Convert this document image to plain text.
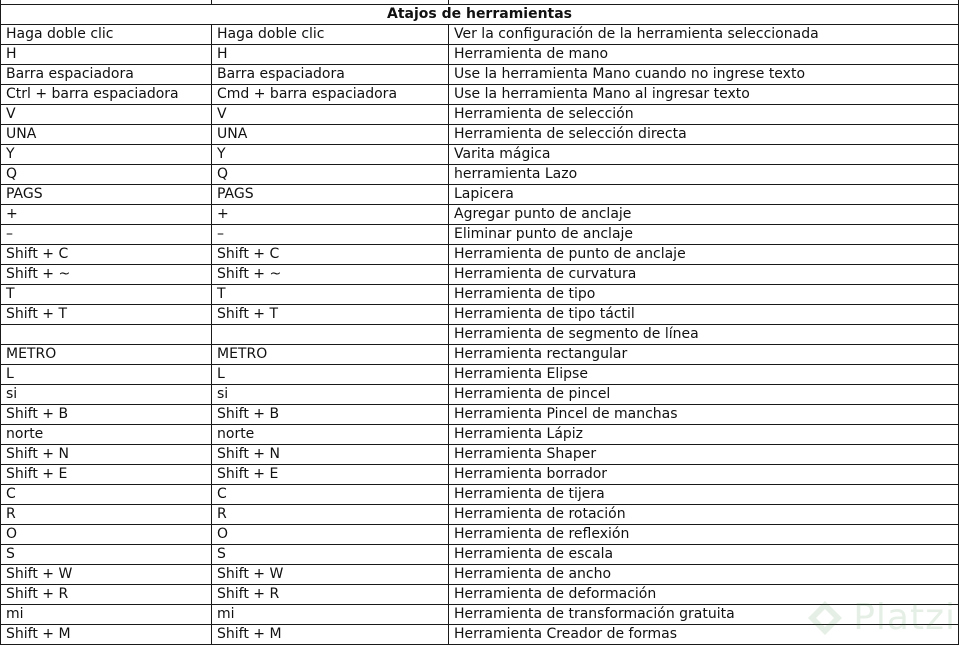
Atajos de herramientas		
Haga doble clic	Haga doble clic	Ver la configuración de la herramienta seleccionada
H	H	Herramienta de mano
Barra espaciadora	Barra espaciadora	Use la herramienta Mano cuando no ingrese texto
Ctrl + barra espaciadora	Cmd + barra espaciadora	Use la herramienta Mano al ingresar texto
V	V	Herramienta de selección
UNA	UNA	Herramienta de selección directa
Y	Y	Varita mágica
Q	Q	herramienta Lazo
PAGS	PAGS	Lapicera
+	+	Agregar punto de anclaje
–	–	Eliminar punto de anclaje
Shift + C	Shift + C	Herramienta de punto de anclaje
Shift + ~	Shift + ~	Herramienta de curvatura
T	T	Herramienta de tipo
Shift + T	Shift + T	Herramienta de tipo táctil
		Herramienta de segmento de línea
METRO	METRO	Herramienta rectangular
L	L	Herramienta Elipse
si	si	Herramienta de pincel
Shift + B	Shift + B	Herramienta Pincel de manchas
norte	norte	Herramienta Lápiz
Shift + N	Shift + N	Herramienta Shaper
Shift + E	Shift + E	Herramienta borrador
C	C	Herramienta de tijera
R	R	Herramienta de rotación
O	O	Herramienta de reflexión
S	S	Herramienta de escala
Shift + W	Shift + W	Herramienta de ancho
Shift + R	Shift + R	Herramienta de deformación
mi	mi	Herramienta de transformación gratuita
Shift + M	Shift + M	Herramienta Creador de formas	Platzi
